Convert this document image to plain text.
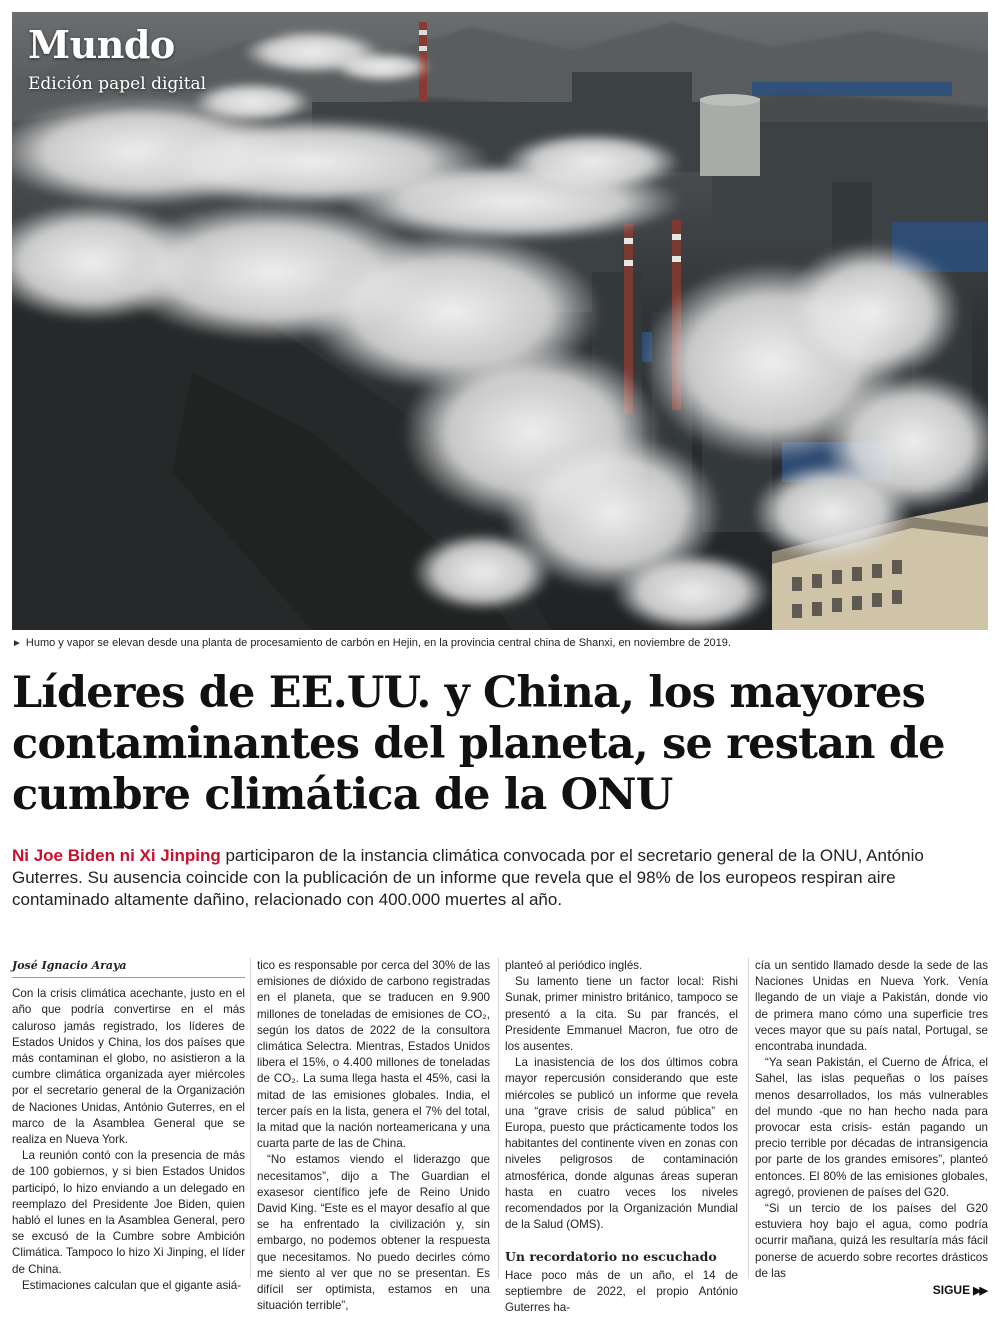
Mundo
Edición papel digital
► Humo y vapor se elevan desde una planta de procesamiento de carbón en Hejin, en la provincia central china de Shanxi, en noviembre de 2019.
Líderes de EE.UU. y China, los mayores contaminantes del planeta, se restan de cumbre climática de la ONU

Ni Joe Biden ni Xi Jinping participaron de la instancia climática convocada por el secretario general de la ONU, António Guterres. Su ausencia coincide con la publicación de un informe que revela que el 98% de los europeos respiran aire contaminado altamente dañino, relacionado con 400.000 muertes al año.

José Ignacio Araya

Con la crisis climática acechante, justo en el año que podría convertirse en el más caluroso jamás registrado, los líderes de Estados Unidos y China, los dos países que más contaminan el globo, no asistieron a la cumbre climática organizada ayer miércoles por el secretario general de la Organización de Naciones Unidas, António Guterres, en el marco de la Asamblea General que se realiza en Nueva York.

La reunión contó con la presencia de más de 100 gobiernos, y si bien Estados Unidos participó, lo hizo enviando a un delegado en reemplazo del Presidente Joe Biden, quien habló el lunes en la Asamblea General, pero se excusó de la Cumbre sobre Ambición Climática. Tampoco lo hizo Xi Jinping, el líder de China.

Estimaciones calculan que el gigante asiá-

tico es responsable por cerca del 30% de las emisiones de dióxido de carbono registradas en el planeta, que se traducen en 9.900 millones de toneladas de emisiones de CO₂, según los datos de 2022 de la consultora climática Selectra. Mientras, Estados Unidos libera el 15%, o 4.400 millones de toneladas de CO₂. La suma llega hasta el 45%, casi la mitad de las emisiones globales. India, el tercer país en la lista, genera el 7% del total, la mitad que la nación norteamericana y una cuarta parte de las de China.

“No estamos viendo el liderazgo que necesitamos”, dijo a The Guardian el exasesor científico jefe de Reino Unido David King. “Este es el mayor desafío al que se ha enfrentado la civilización y, sin embargo, no podemos obtener la respuesta que necesitamos. No puedo decirles cómo me siento al ver que no se presentan. Es difícil ser optimista, estamos en una situación terrible”,

planteó al periódico inglés.

Su lamento tiene un factor local: Rishi Sunak, primer ministro británico, tampoco se presentó a la cita. Su par francés, el Presidente Emmanuel Macron, fue otro de los ausentes.

La inasistencia de los dos últimos cobra mayor repercusión considerando que este miércoles se publicó un informe que revela una “grave crisis de salud pública” en Europa, puesto que prácticamente todos los habitantes del continente viven en zonas con niveles peligrosos de contaminación atmosférica, donde algunas áreas superan hasta en cuatro veces los niveles recomendados por la Organización Mundial de la Salud (OMS).

Un recordatorio no escuchado

Hace poco más de un año, el 14 de septiembre de 2022, el propio António Guterres ha-

cía un sentido llamado desde la sede de las Naciones Unidas en Nueva York. Venía llegando de un viaje a Pakistán, donde vio de primera mano cómo una superficie tres veces mayor que su país natal, Portugal, se encontraba inundada.

“Ya sean Pakistán, el Cuerno de África, el Sahel, las islas pequeñas o los países menos desarrollados, los más vulnerables del mundo -que no han hecho nada para provocar esta crisis- están pagando un precio terrible por décadas de intransigencia por parte de los grandes emisores”, planteó entonces. El 80% de las emisiones globales, agregó, provienen de países del G20.

“Si un tercio de los países del G20 estuviera hoy bajo el agua, como podría ocurrir mañana, quizá les resultaría más fácil ponerse de acuerdo sobre recortes drásticos de las

SIGUE ▶▶
